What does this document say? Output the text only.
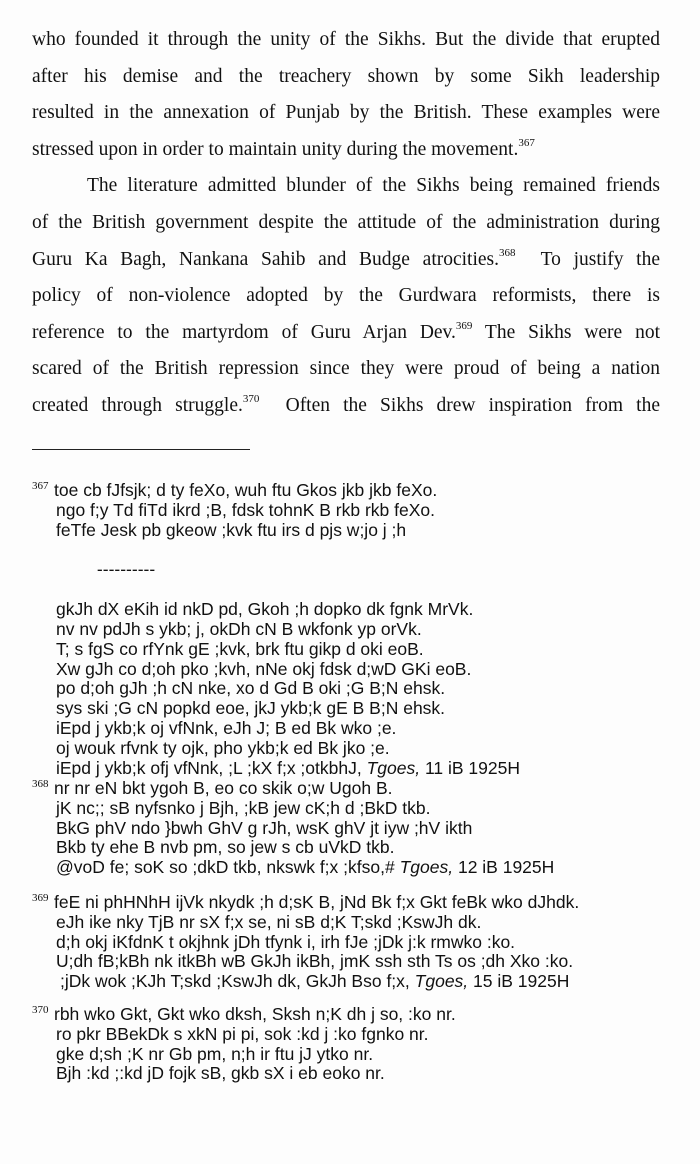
who founded it through the unity of the Sikhs. But the divide that erupted
after his demise and the treachery shown by some Sikh leadership
resulted in the annexation of Punjab by the British. These examples were
stressed upon in order to maintain unity during the movement.$^{367}$
The literature admitted blunder of the Sikhs being remained friends
of the British government despite the attitude of the administration during
Guru Ka Bagh, Nankana Sahib and Budge atrocities.$^{368}$  To justify the
policy of non-violence adopted by the Gurdwara reformists, there is
reference to the martyrdom of Guru Arjan Dev.$^{369}$ The Sikhs were not
scared of the British repression since they were proud of being a nation
created through struggle.$^{370}$  Often the Sikhs drew inspiration from the
367 toe cb fJfsjk; d ty feXo, wuh ftu Gkos jkb jkb feXo.
ngo f;y Td fiTd ikrd ;B, fdsk tohnK B rkb rkb feXo.
feTfe Jesk pb gkeow ;kvk ftu irs d pjs w;jo j ;h

----------

gkJh dX eKih id nkD pd, Gkoh ;h dopko dk fgnk MrVk.
nv nv pdJh s ykb; j, okDh cN B wkfonk yp orVk.
T; s fgS co rfYnk gE ;kvk, brk ftu gikp d oki eoB.
Xw gJh co d;oh pko ;kvh, nNe okj fdsk d;wD GKi eoB.
po d;oh gJh ;h cN nke, xo d Gd B oki ;G B;N ehsk.
sys ski ;G cN popkd eoe, jkJ ykb;k gE B B;N ehsk.
iEpd j ykb;k oj vfNnk, eJh J; B ed Bk wko ;e.
oj wouk rfvnk ty ojk, pho ykb;k ed Bk jko ;e.
iEpd j ykb;k ofj vfNnk, ;L ;kX f;x ;otkbhJ, Tgoes, 11 iB 1925H
368 nr nr eN bkt ygoh B, eo co skik o;w Ugoh B.
jK nc;; sB nyfsnko j Bjh, ;kB jew cK;h d ;BkD tkb.
BkG phV ndo }bwh GhV g rJh, wsK ghV jt iyw ;hV ikth
Bkb ty ehe B nvb pm, so jew s cb uVkD tkb.
@voD fe; soK so ;dkD tkb, nkswk f;x ;kfso,# Tgoes, 12 iB 1925H
369 feE ni phHNhH ijVk nkydk ;h d;sK B, jNd Bk f;x Gkt feBk wko dJhdk.
eJh ike nky TjB nr sX f;x se, ni sB d;K T;skd ;KswJh dk.
d;h okj iKfdnK t okjhnk jDh tfynk i, irh fJe ;jDk j:k rmwko :ko.
U;dh fB;kBh nk itkBh wB GkJh ikBh, jmK ssh sth Ts os ;dh Xko :ko.
;jDk wok ;KJh T;skd ;KswJh dk, GkJh Bso f;x, Tgoes, 15 iB 1925H
370 rbh wko Gkt, Gkt wko dksh, Sksh n;K dh j so, :ko nr.
ro pkr BBekDk s xkN pi pi, sok :kd j :ko fgnko nr.
gke d;sh ;K nr Gb pm, n;h ir ftu jJ ytko nr.
Bjh :kd ;:kd jD fojk sB, gkb sX i eb eoko nr.
